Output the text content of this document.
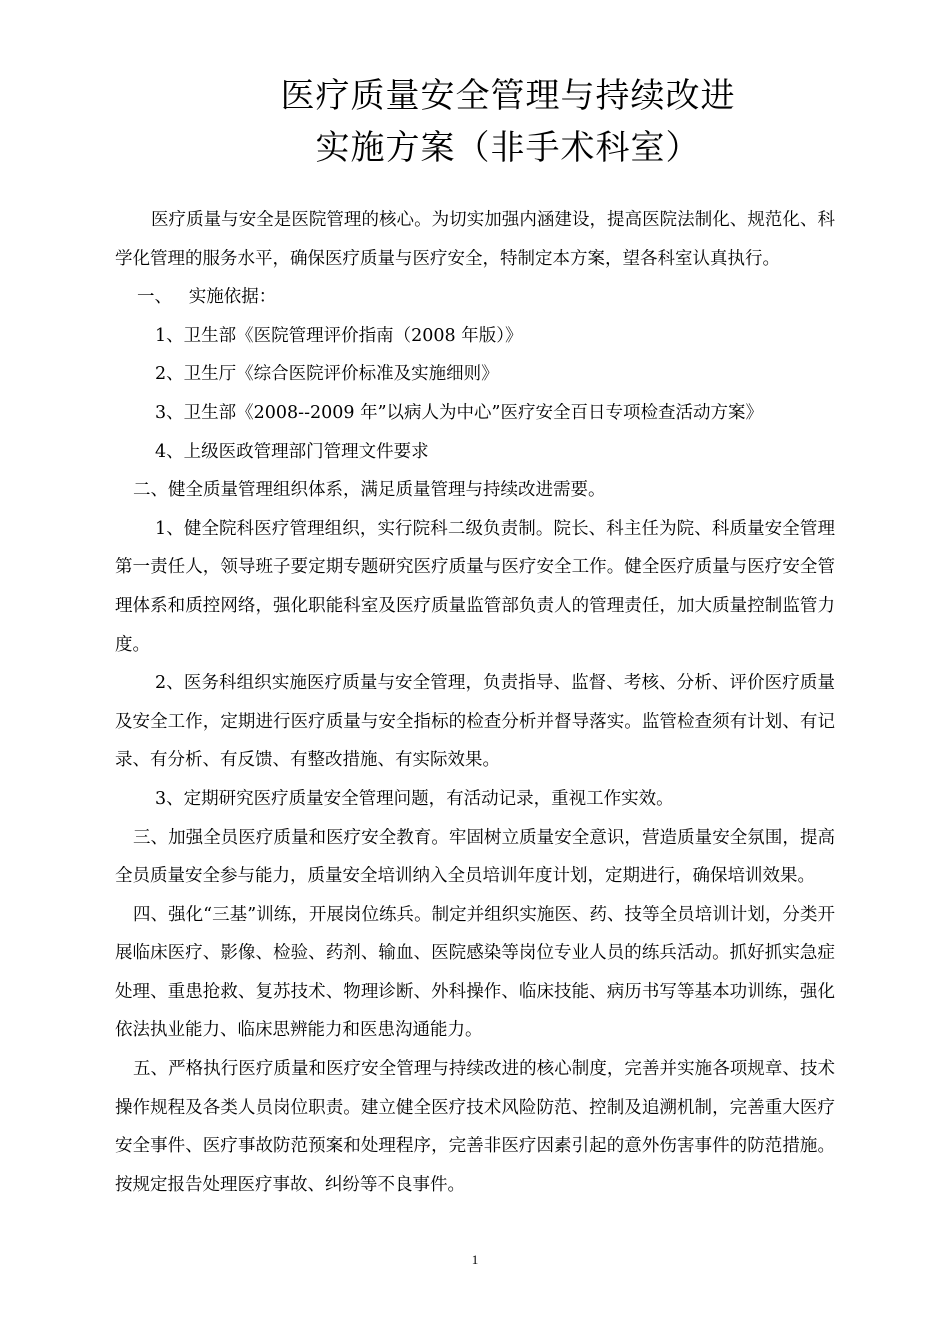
医疗质量安全管理与持续改进
实施方案（非手术科室）

医疗质量与安全是医院管理的核心。为切实加强内涵建设，提高医院法制化、规范化、科学化管理的服务水平，确保医疗质量与医疗安全，特制定本方案，望各科室认真执行。

一、   实施依据：

1、卫生部《医院管理评价指南（2008 年版）》

2、卫生厅《综合医院评价标准及实施细则》

3、卫生部《2008--2009 年”以病人为中心”医疗安全百日专项检查活动方案》

4、上级医政管理部门管理文件要求

二、健全质量管理组织体系，满足质量管理与持续改进需要。

1、健全院科医疗管理组织，实行院科二级负责制。院长、科主任为院、科质量安全管理第一责任人，领导班子要定期专题研究医疗质量与医疗安全工作。健全医疗质量与医疗安全管理体系和质控网络，强化职能科室及医疗质量监管部负责人的管理责任，加大质量控制监管力度。

2、医务科组织实施医疗质量与安全管理，负责指导、监督、考核、分析、评价医疗质量及安全工作，定期进行医疗质量与安全指标的检查分析并督导落实。监管检查须有计划、有记录、有分析、有反馈、有整改措施、有实际效果。

3、定期研究医疗质量安全管理问题，有活动记录，重视工作实效。

三、加强全员医疗质量和医疗安全教育。牢固树立质量安全意识，营造质量安全氛围，提高全员质量安全参与能力，质量安全培训纳入全员培训年度计划，定期进行，确保培训效果。

四、强化“三基”训练，开展岗位练兵。制定并组织实施医、药、技等全员培训计划，分类开展临床医疗、影像、检验、药剂、输血、医院感染等岗位专业人员的练兵活动。抓好抓实急症处理、重患抢救、复苏技术、物理诊断、外科操作、临床技能、病历书写等基本功训练，强化依法执业能力、临床思辨能力和医患沟通能力。

五、严格执行医疗质量和医疗安全管理与持续改进的核心制度，完善并实施各项规章、技术操作规程及各类人员岗位职责。建立健全医疗技术风险防范、控制及追溯机制，完善重大医疗安全事件、医疗事故防范预案和处理程序，完善非医疗因素引起的意外伤害事件的防范措施。按规定报告处理医疗事故、纠纷等不良事件。

1
